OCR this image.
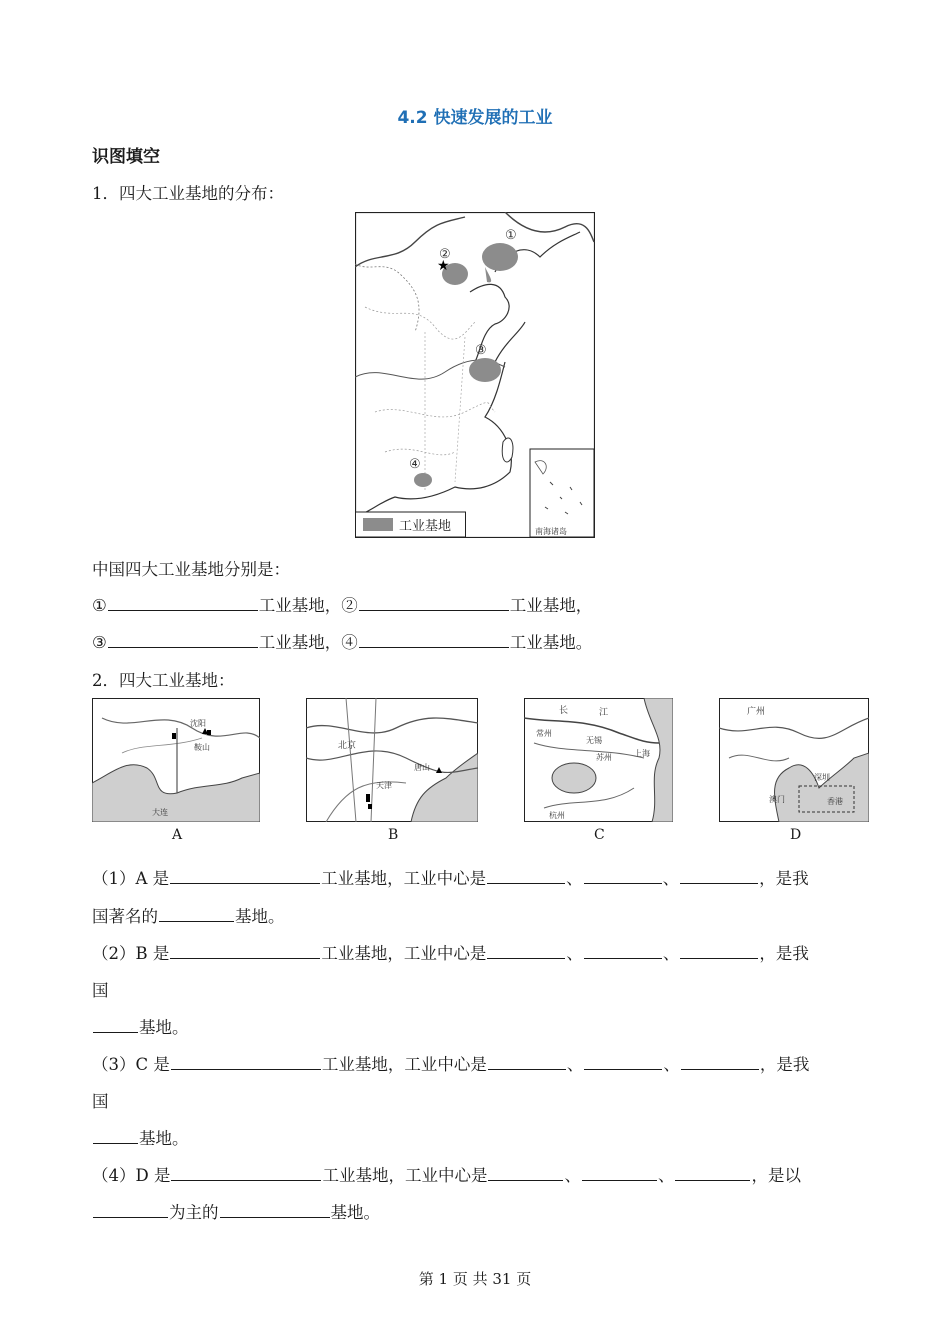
4.2 快速发展的工业
识图填空
1．四大工业基地的分布：
★
①
②
③
④
南海诸岛
工业基地
中国四大工业基地分别是：
①	工业基地，②	工业基地，
③	工业基地，④	工业基地。
2．四大工业基地：
沈阳
鞍山
大连
A
北京
天津
唐山
B
长	江
常州
无锡
苏州	上海
杭州
C
广州
深圳
澳门	香港
D
（1）A 是	工业基地，工业中心是	、	、	，是我
国著名的	基地。
（2）B 是	工业基地，工业中心是	、	、	，是我
国
基地。
（3）C 是	工业基地，工业中心是	、	、	，是我
国
基地。
（4）D 是	工业基地，工业中心是	、	、	，是以
为主的	基地。
第 1 页 共 31 页
